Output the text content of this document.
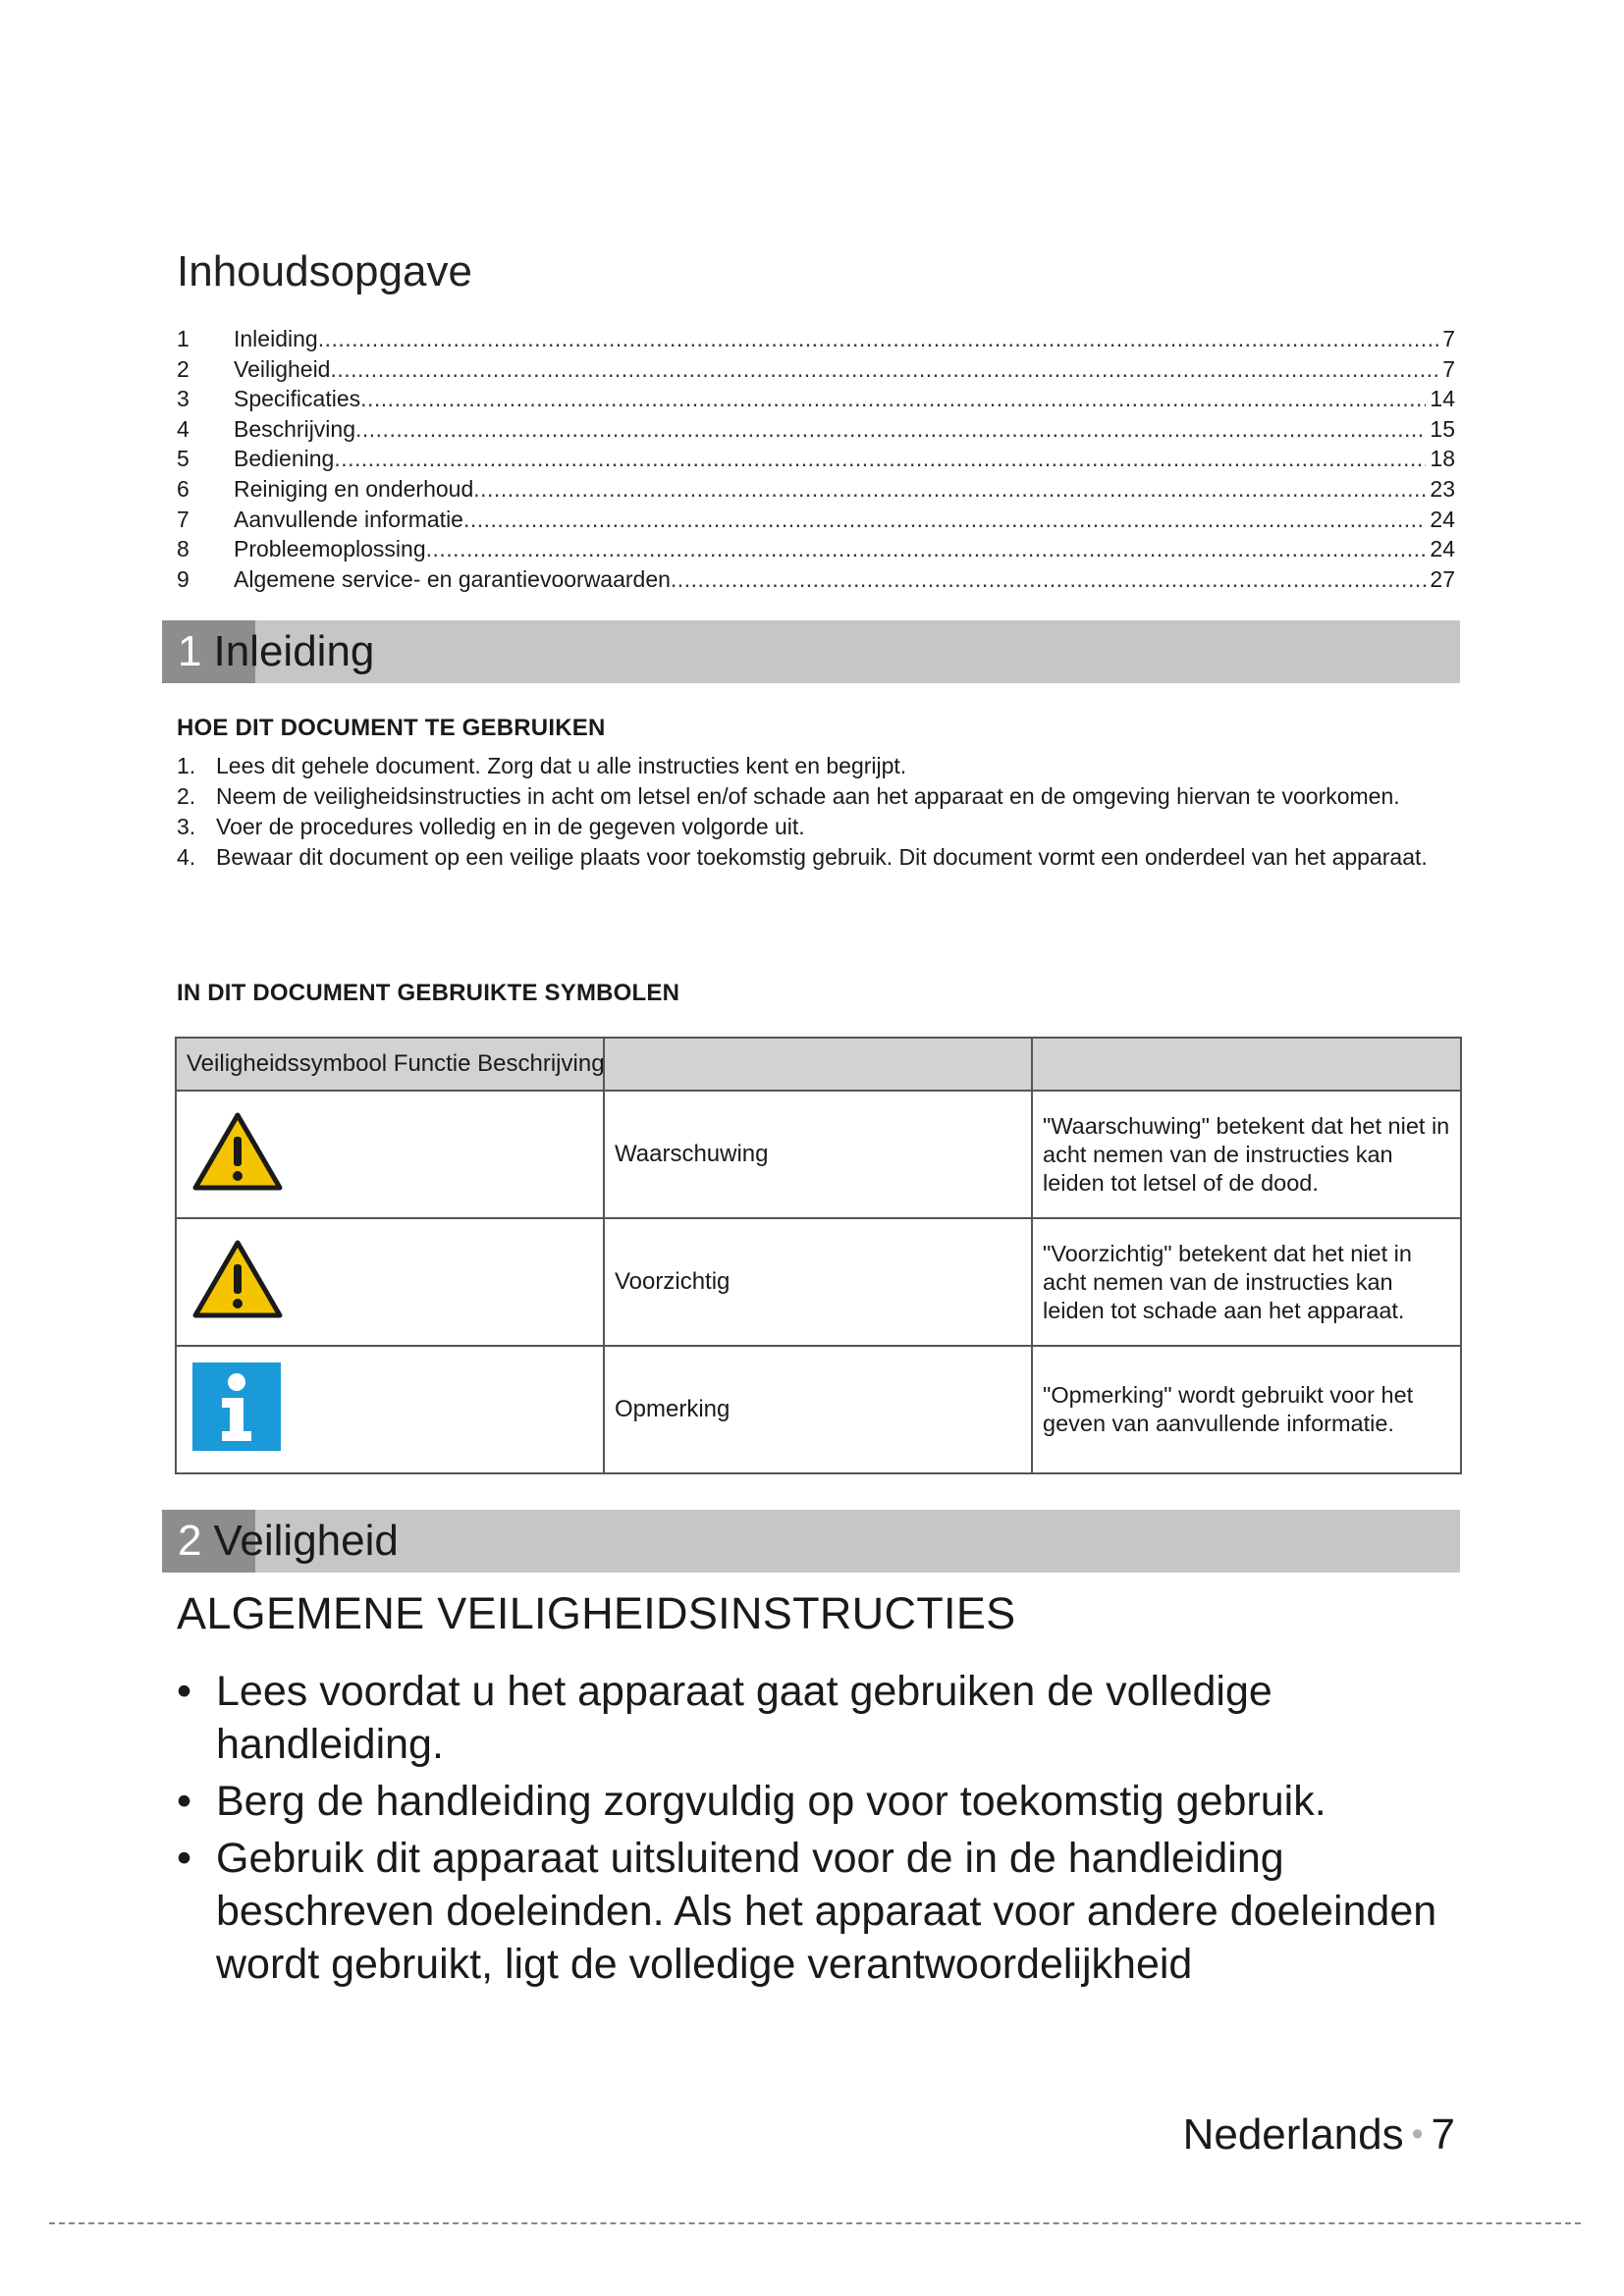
Inhoudsopgave
1	Inleiding .....	7
2	Veiligheid .....	7
3	Specificaties .....	14
4	Beschrijving .....	15
5	Bediening .....	18
6	Reiniging en onderhoud .....	23
7	Aanvullende informatie .....	24
8	Probleemoplossing .....	24
9	Algemene service- en garantievoorwaarden .....	27
1 Inleiding
HOE DIT DOCUMENT TE GEBRUIKEN
1. Lees dit gehele document. Zorg dat u alle instructies kent en begrijpt.
2. Neem de veiligheidsinstructies in acht om letsel en/of schade aan het apparaat en de omgeving hiervan te voorkomen.
3. Voer de procedures volledig en in de gegeven volgorde uit.
4. Bewaar dit document op een veilige plaats voor toekomstig gebruik. Dit document vormt een onderdeel van het apparaat.
IN DIT DOCUMENT GEBRUIKTE SYMBOLEN
Veiligheidssymbool Functie Beschrijving		
	Waarschuwing	"Waarschuwing" betekent dat het niet in acht nemen van de instructies kan leiden tot letsel of de dood.
	Voorzichtig	"Voorzichtig" betekent dat het niet in acht nemen van de instructies kan leiden tot schade aan het apparaat.
	Opmerking	"Opmerking" wordt gebruikt voor het geven van aanvullende informatie.
2 Veiligheid
ALGEMENE VEILIGHEIDSINSTRUCTIES
• Lees voordat u het apparaat gaat gebruiken de volledige handleiding.
• Berg de handleiding zorgvuldig op voor toekomstig gebruik.
• Gebruik dit apparaat uitsluitend voor de in de handleiding beschreven doeleinden. Als het apparaat voor andere doeleinden wordt gebruikt, ligt de volledige verantwoordelijkheid
Nederlands • 7
